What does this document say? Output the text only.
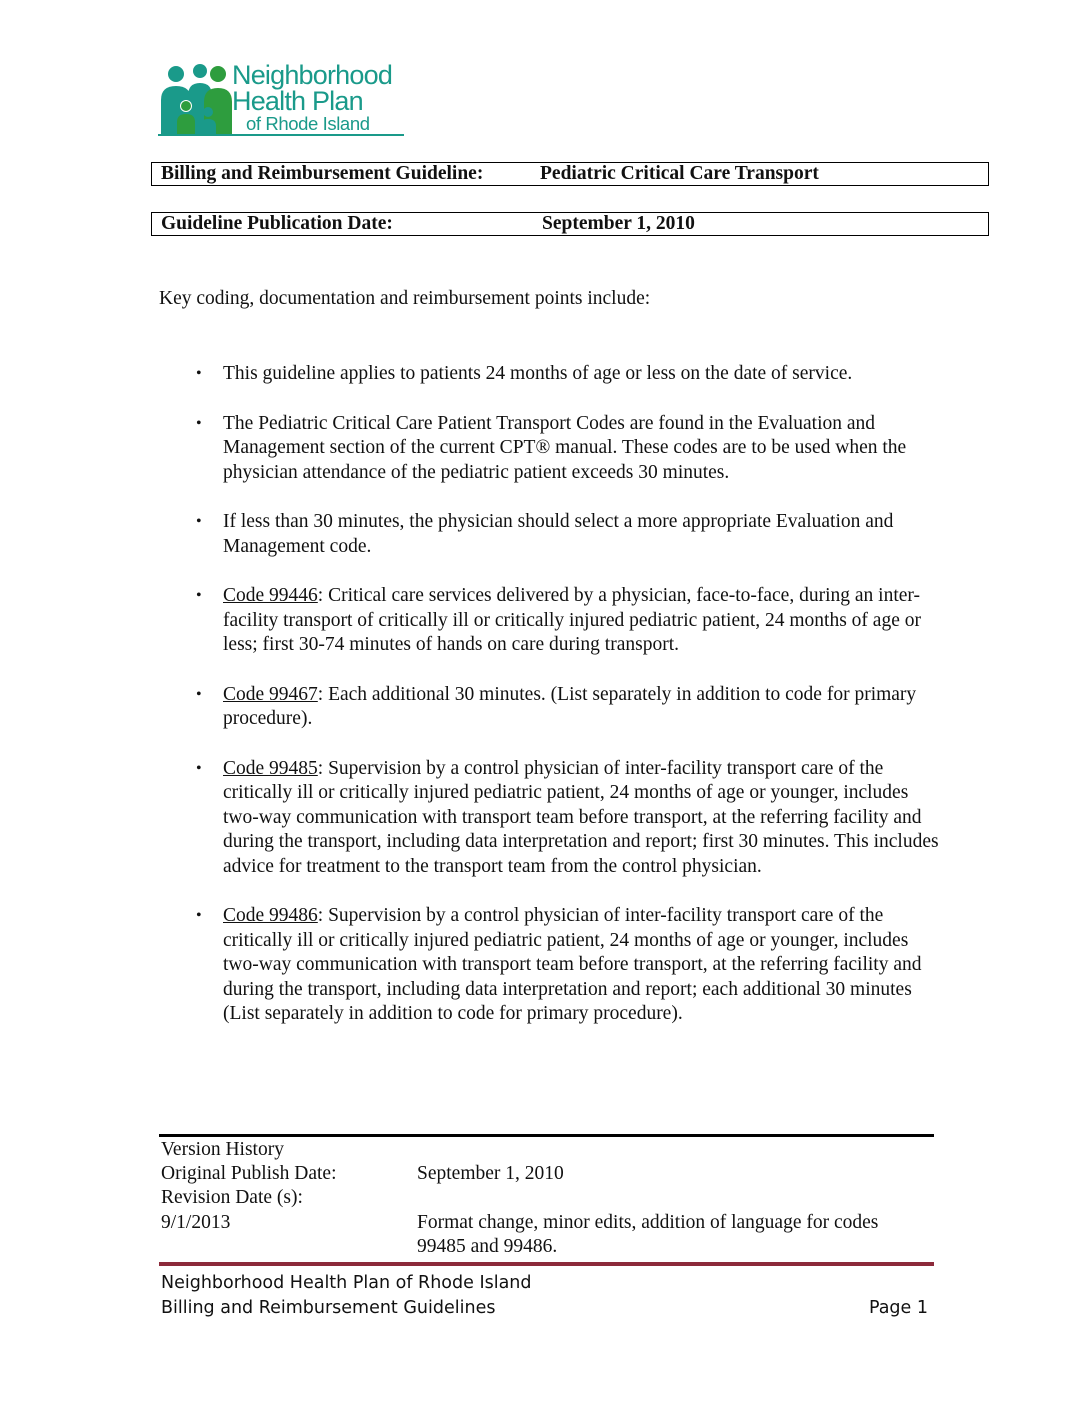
Neighborhood
Health Plan
of Rhode Island
Billing and Reimbursement Guideline:	Pediatric Critical Care Transport
Guideline Publication Date:	September 1, 2010
Key coding, documentation and reimbursement points include:
• This guideline applies to patients 24 months of age or less on the date of service.
• The Pediatric Critical Care Patient Transport Codes are found in the Evaluation and Management section of the current CPT® manual. These codes are to be used when the physician attendance of the pediatric patient exceeds 30 minutes.
• If less than 30 minutes, the physician should select a more appropriate Evaluation and Management code.
• Code 99446: Critical care services delivered by a physician, face-to-face, during an inter-facility transport of critically ill or critically injured pediatric patient, 24 months of age or less; first 30-74 minutes of hands on care during transport.
• Code 99467: Each additional 30 minutes. (List separately in addition to code for primary procedure).
• Code 99485: Supervision by a control physician of inter-facility transport care of the critically ill or critically injured pediatric patient, 24 months of age or younger, includes two-way communication with transport team before transport, at the referring facility and during the transport, including data interpretation and report; first 30 minutes. This includes advice for treatment to the transport team from the control physician.
• Code 99486: Supervision by a control physician of inter-facility transport care of the critically ill or critically injured pediatric patient, 24 months of age or younger, includes two-way communication with transport team before transport, at the referring facility and during the transport, including data interpretation and report; each additional 30 minutes (List separately in addition to code for primary procedure).
Version History
Original Publish Date:	September 1, 2010
Revision Date (s):
9/1/2013	Format change, minor edits, addition of language for codes
99485 and 99486.
Neighborhood Health Plan of Rhode Island
Billing and Reimbursement Guidelines	Page 1
